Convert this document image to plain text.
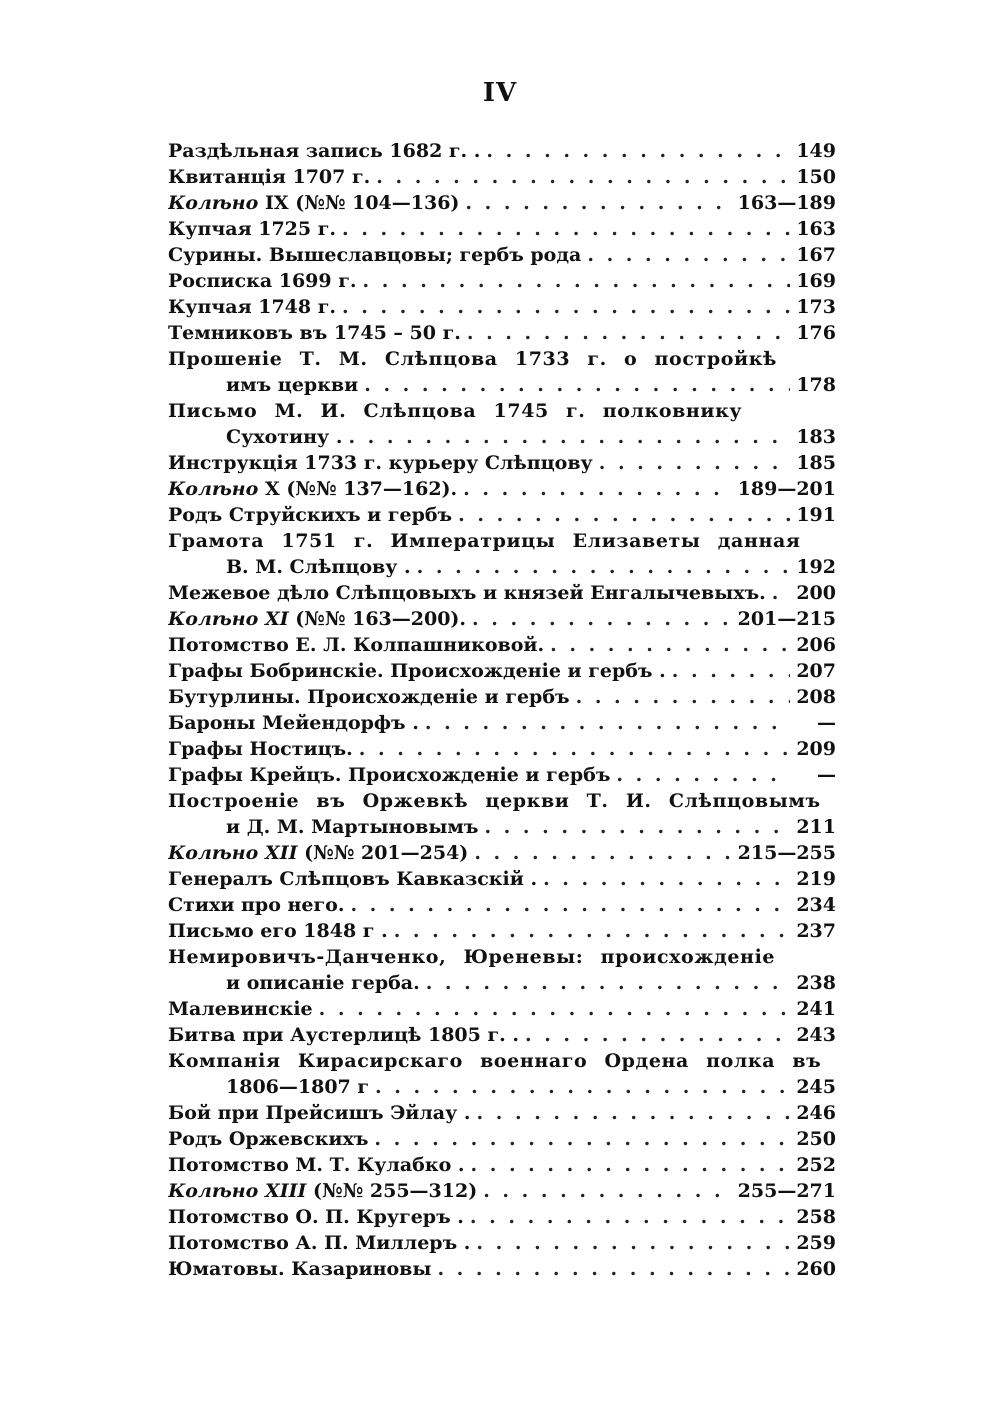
IV
Раздѣльная запись 1682 г. . . . .	149
Квитанція 1707 г. . . .	150
Колѣно IX (№№ 104—136) . . .	163—189
Купчая 1725 г. . . .	163
Сурины. Вышеславцовы; гербъ рода . . .	167
Росписка 1699 г. . . .	169
Купчая 1748 г. . . .	173
Темниковъ въ 1745 – 50 г. . . .	176
Прошеніе Т. М. Слѣпцова 1733 г. о постройкѣ
имъ церкви . . .	178
Письмо М. И. Слѣпцова 1745 г. полковнику
Сухотину . . . .	183
Инструкція 1733 г. курьеру Слѣпцову . . .	185
Колѣно X (№№ 137—162). . . .	189—201
Родъ Струйскихъ и гербъ . . .	191
Грамота 1751 г. Императрицы Елизаветы данная
В. М. Слѣпцову . . . .	192
Межевое дѣло Слѣпцовыхъ и князей Енгалычевыхъ. . . . 200
Колѣно XI (№№ 163—200). . . .	201—215
Потомство Е. Л. Колпашниковой. . . .	206
Графы Бобринскіе. Происхожденіе и гербъ . . . .	207
Бутурлины. Происхожденіе и гербъ . . .	208
Бароны Мейендорфъ . . . .	—
Графы Ностицъ. . . .	209
Графы Крейцъ. Происхожденіе и гербъ . . .	—
Построеніе въ Оржевкѣ церкви Т. И. Слѣпцовымъ
и Д. М. Мартыновымъ . . .	211
Колѣно XII (№№ 201—254) . . .	215—255
Генералъ Слѣпцовъ Кавказскій . . . .	219
Стихи про него. . . .	234
Письмо его 1848 г . . . .	237
Немировичъ-Данченко, Юреневы: происхожденіе
и описаніе герба. . . .	238
Малевинскіе . . .	241
Битва при Аустерлицѣ 1805 г. . . . .	243
Компанія Кирасирскаго военнаго Ордена полка въ
1806—1807 г . . .	245
Бой при Прейсишъ Эйлау . . . .	246
Родъ Оржевскихъ . . .	250
Потомство М. Т. Кулабко . . . .	252
Колѣно XIII (№№ 255—312) . . .	255—271
Потомство О. П. Кругеръ . . . .	258
Потомство А. П. Миллеръ . . . .	259
Юматовы. Казариновы . . .	260
